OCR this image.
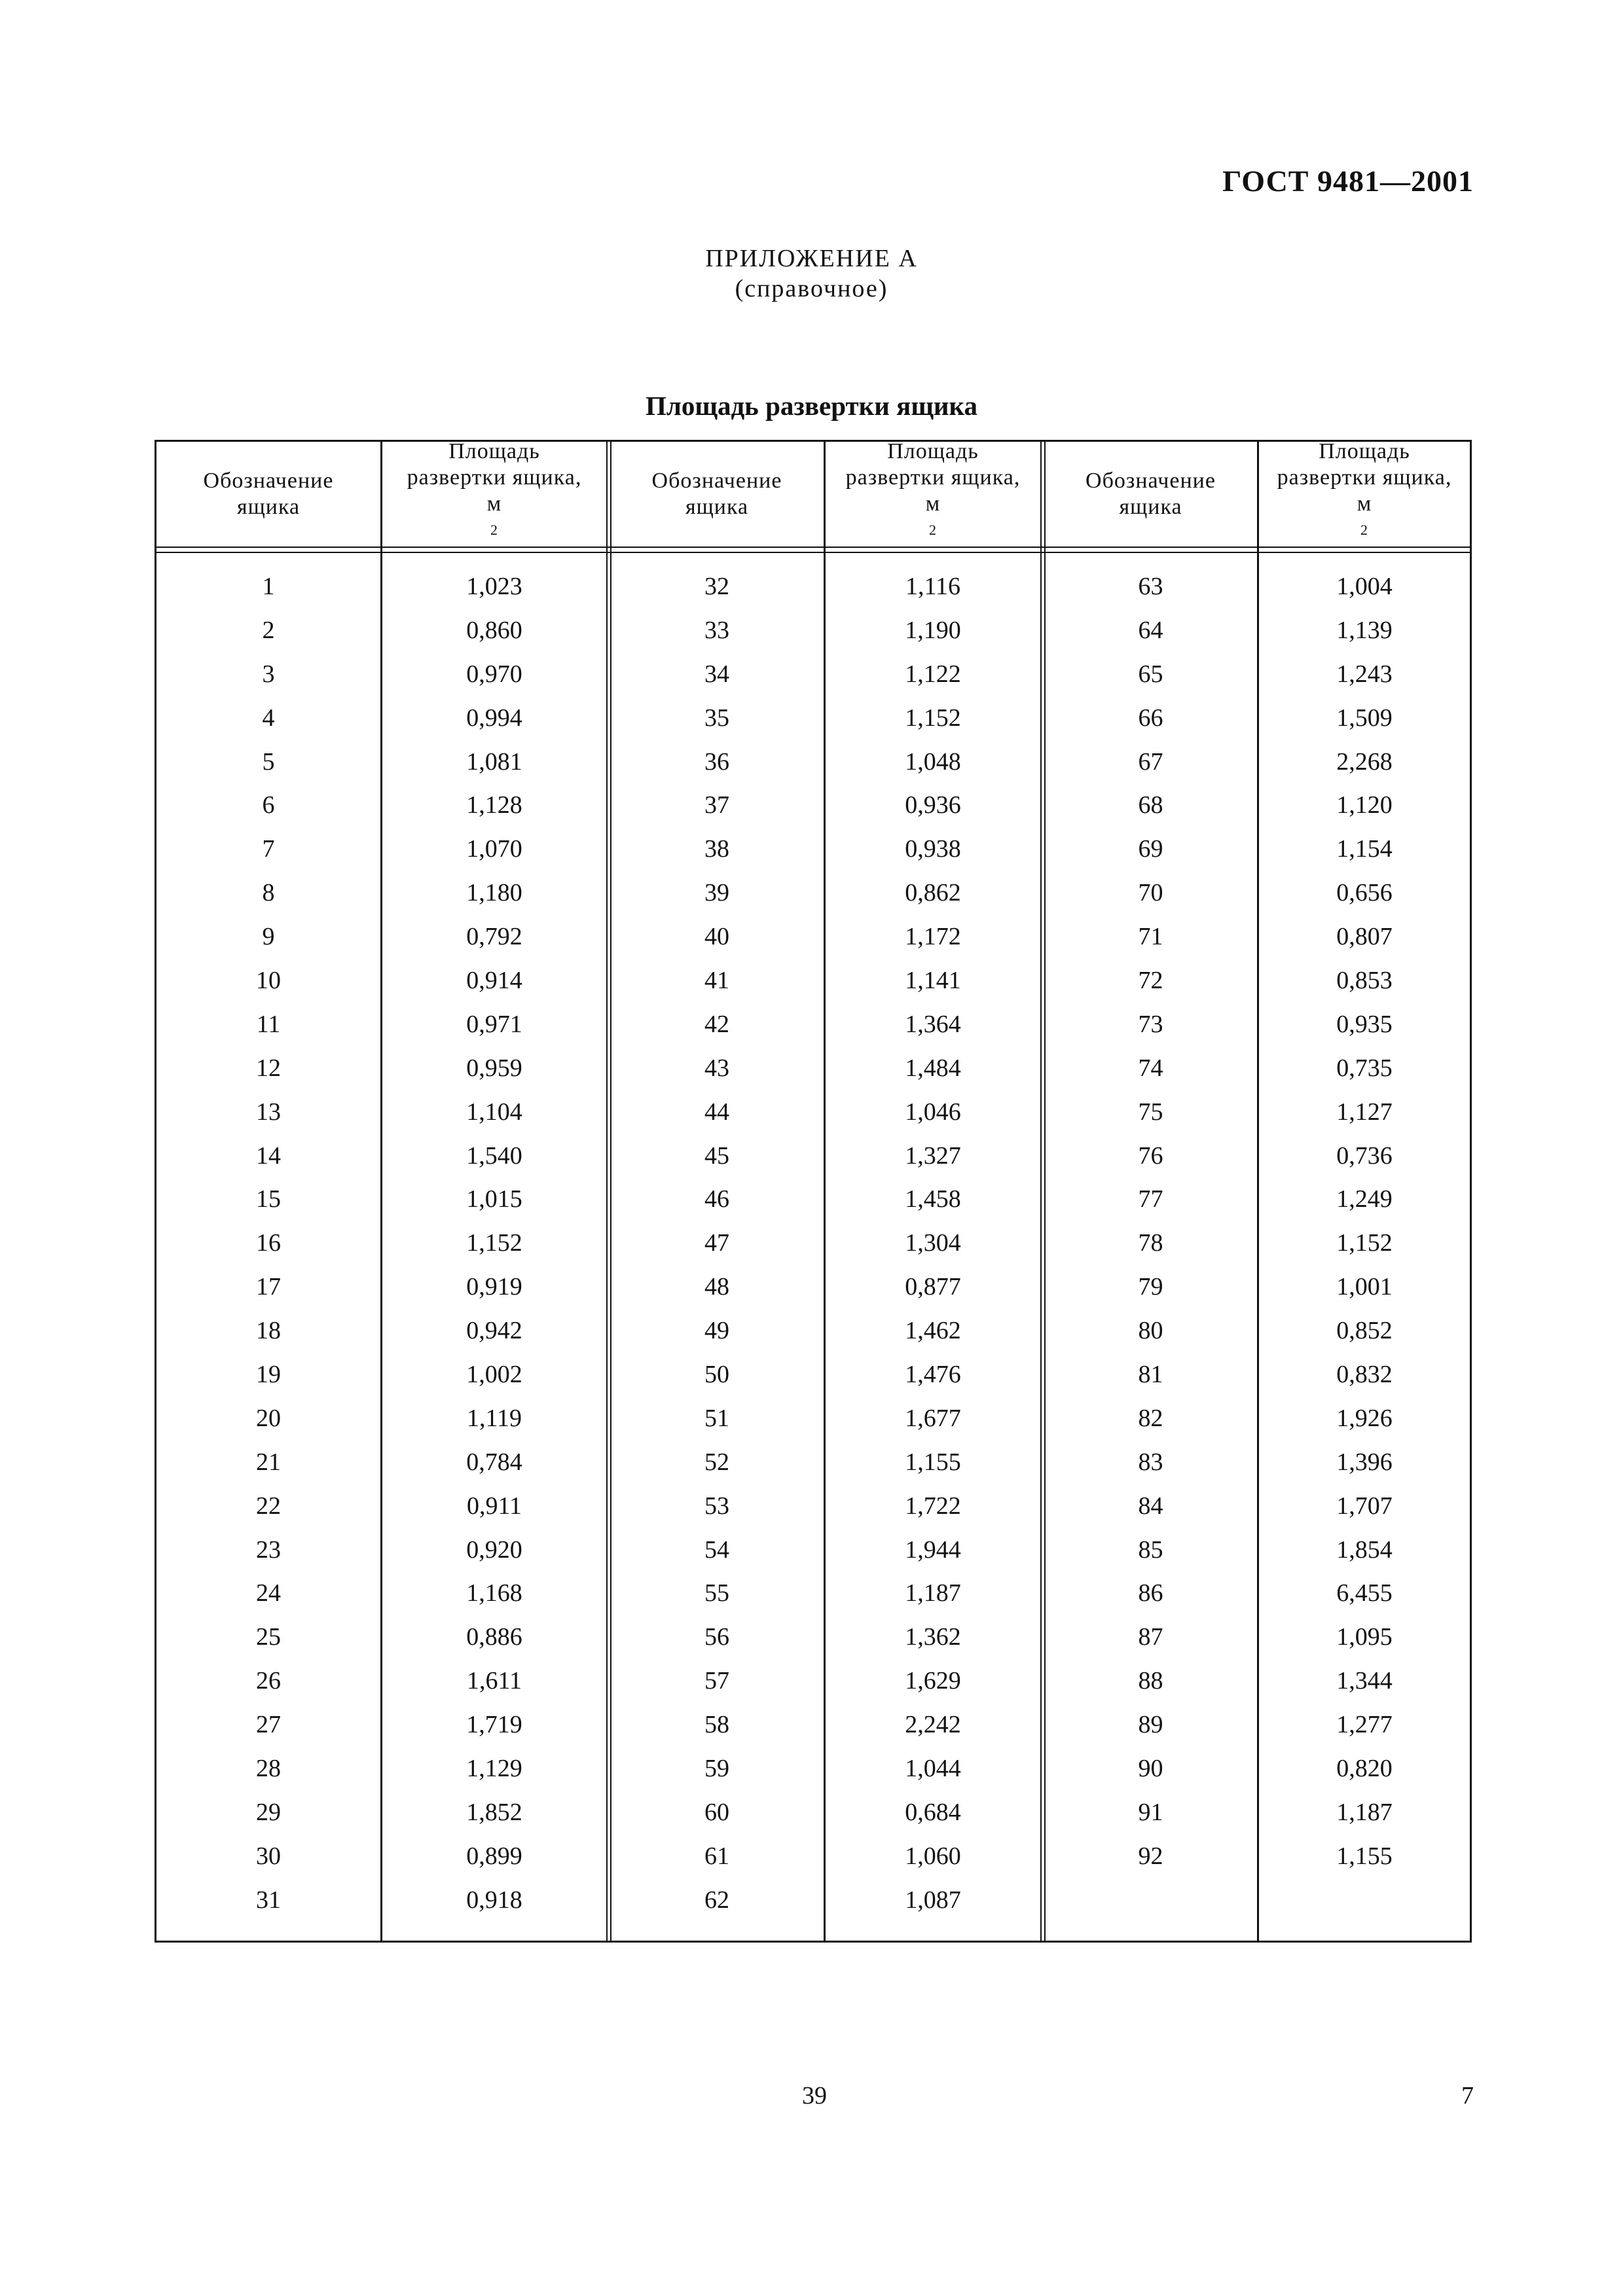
ГОСТ 9481—2001
ПРИЛОЖЕНИЕ А
(справочное)
Площадь развертки ящика
Обозначение
ящика
Площадь
развертки ящика,
м
$^2$
Обозначение
ящика
Площадь
развертки ящика,
м
$^2$
Обозначение
ящика
Площадь
развертки ящика,
м
$^2$
1
2
3
4
5
6
7
8
9
10
11
12
13
14
15
16
17
18
19
20
21
22
23
24
25
26
27
28
29
30
31
1,023
0,860
0,970
0,994
1,081
1,128
1,070
1,180
0,792
0,914
0,971
0,959
1,104
1,540
1,015
1,152
0,919
0,942
1,002
1,119
0,784
0,911
0,920
1,168
0,886
1,611
1,719
1,129
1,852
0,899
0,918
32
33
34
35
36
37
38
39
40
41
42
43
44
45
46
47
48
49
50
51
52
53
54
55
56
57
58
59
60
61
62
1,116
1,190
1,122
1,152
1,048
0,936
0,938
0,862
1,172
1,141
1,364
1,484
1,046
1,327
1,458
1,304
0,877
1,462
1,476
1,677
1,155
1,722
1,944
1,187
1,362
1,629
2,242
1,044
0,684
1,060
1,087
63
64
65
66
67
68
69
70
71
72
73
74
75
76
77
78
79
80
81
82
83
84
85
86
87
88
89
90
91
92
1,004
1,139
1,243
1,509
2,268
1,120
1,154
0,656
0,807
0,853
0,935
0,735
1,127
0,736
1,249
1,152
1,001
0,852
0,832
1,926
1,396
1,707
1,854
6,455
1,095
1,344
1,277
0,820
1,187
1,155
39	7
